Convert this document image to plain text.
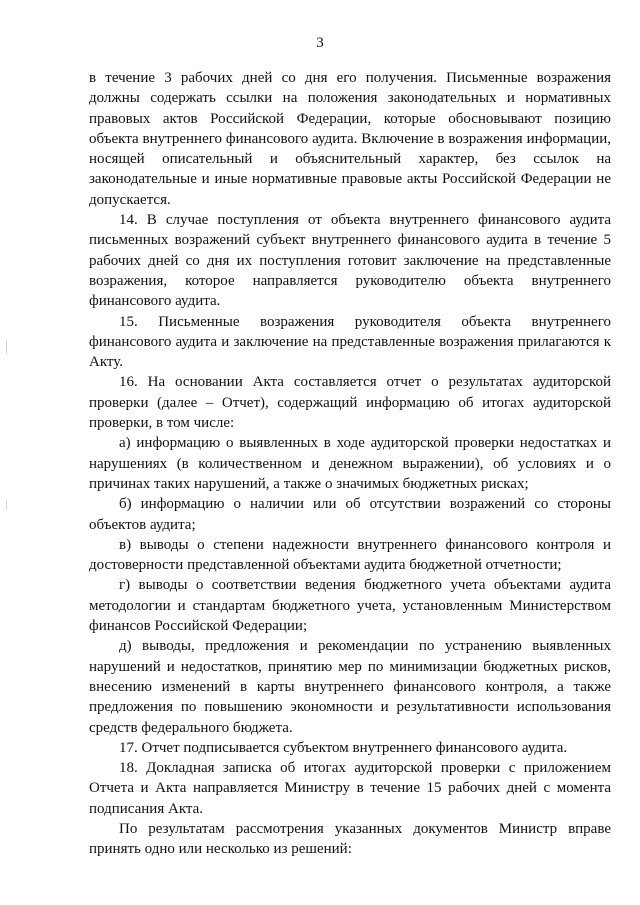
3

в течение 3 рабочих дней со дня его получения. Письменные возражения должны содержать ссылки на положения законодательных и нормативных правовых актов Российской Федерации, которые обосновывают позицию объекта внутреннего финансового аудита. Включение в возражения информации, носящей описательный и объяснительный характер, без ссылок на законодательные и иные нормативные правовые акты Российской Федерации не допускается.

14. В случае поступления от объекта внутреннего финансового аудита письменных возражений субъект внутреннего финансового аудита в течение 5 рабочих дней со дня их поступления готовит заключение на представленные возражения, которое направляется руководителю объекта внутреннего финансового аудита.

15. Письменные возражения руководителя объекта внутреннего финансового аудита и заключение на представленные возражения прилагаются к Акту.

16. На основании Акта составляется отчет о результатах аудиторской проверки (далее – Отчет), содержащий информацию об итогах аудиторской проверки, в том числе:

а) информацию о выявленных в ходе аудиторской проверки недостатках и нарушениях (в количественном и денежном выражении), об условиях и о причинах таких нарушений, а также о значимых бюджетных рисках;

б) информацию о наличии или об отсутствии возражений со стороны объектов аудита;

в) выводы о степени надежности внутреннего финансового контроля и достоверности представленной объектами аудита бюджетной отчетности;

г) выводы о соответствии ведения бюджетного учета объектами аудита методологии и стандартам бюджетного учета, установленным Министерством финансов Российской Федерации;

д) выводы, предложения и рекомендации по устранению выявленных нарушений и недостатков, принятию мер по минимизации бюджетных рисков, внесению изменений в карты внутреннего финансового контроля, а также предложения по повышению экономности и результативности использования средств федерального бюджета.

17. Отчет подписывается субъектом внутреннего финансового аудита.

18. Докладная записка об итогах аудиторской проверки с приложением Отчета и Акта направляется Министру в течение 15 рабочих дней с момента подписания Акта.

По результатам рассмотрения указанных документов Министр вправе принять одно или несколько из решений:
